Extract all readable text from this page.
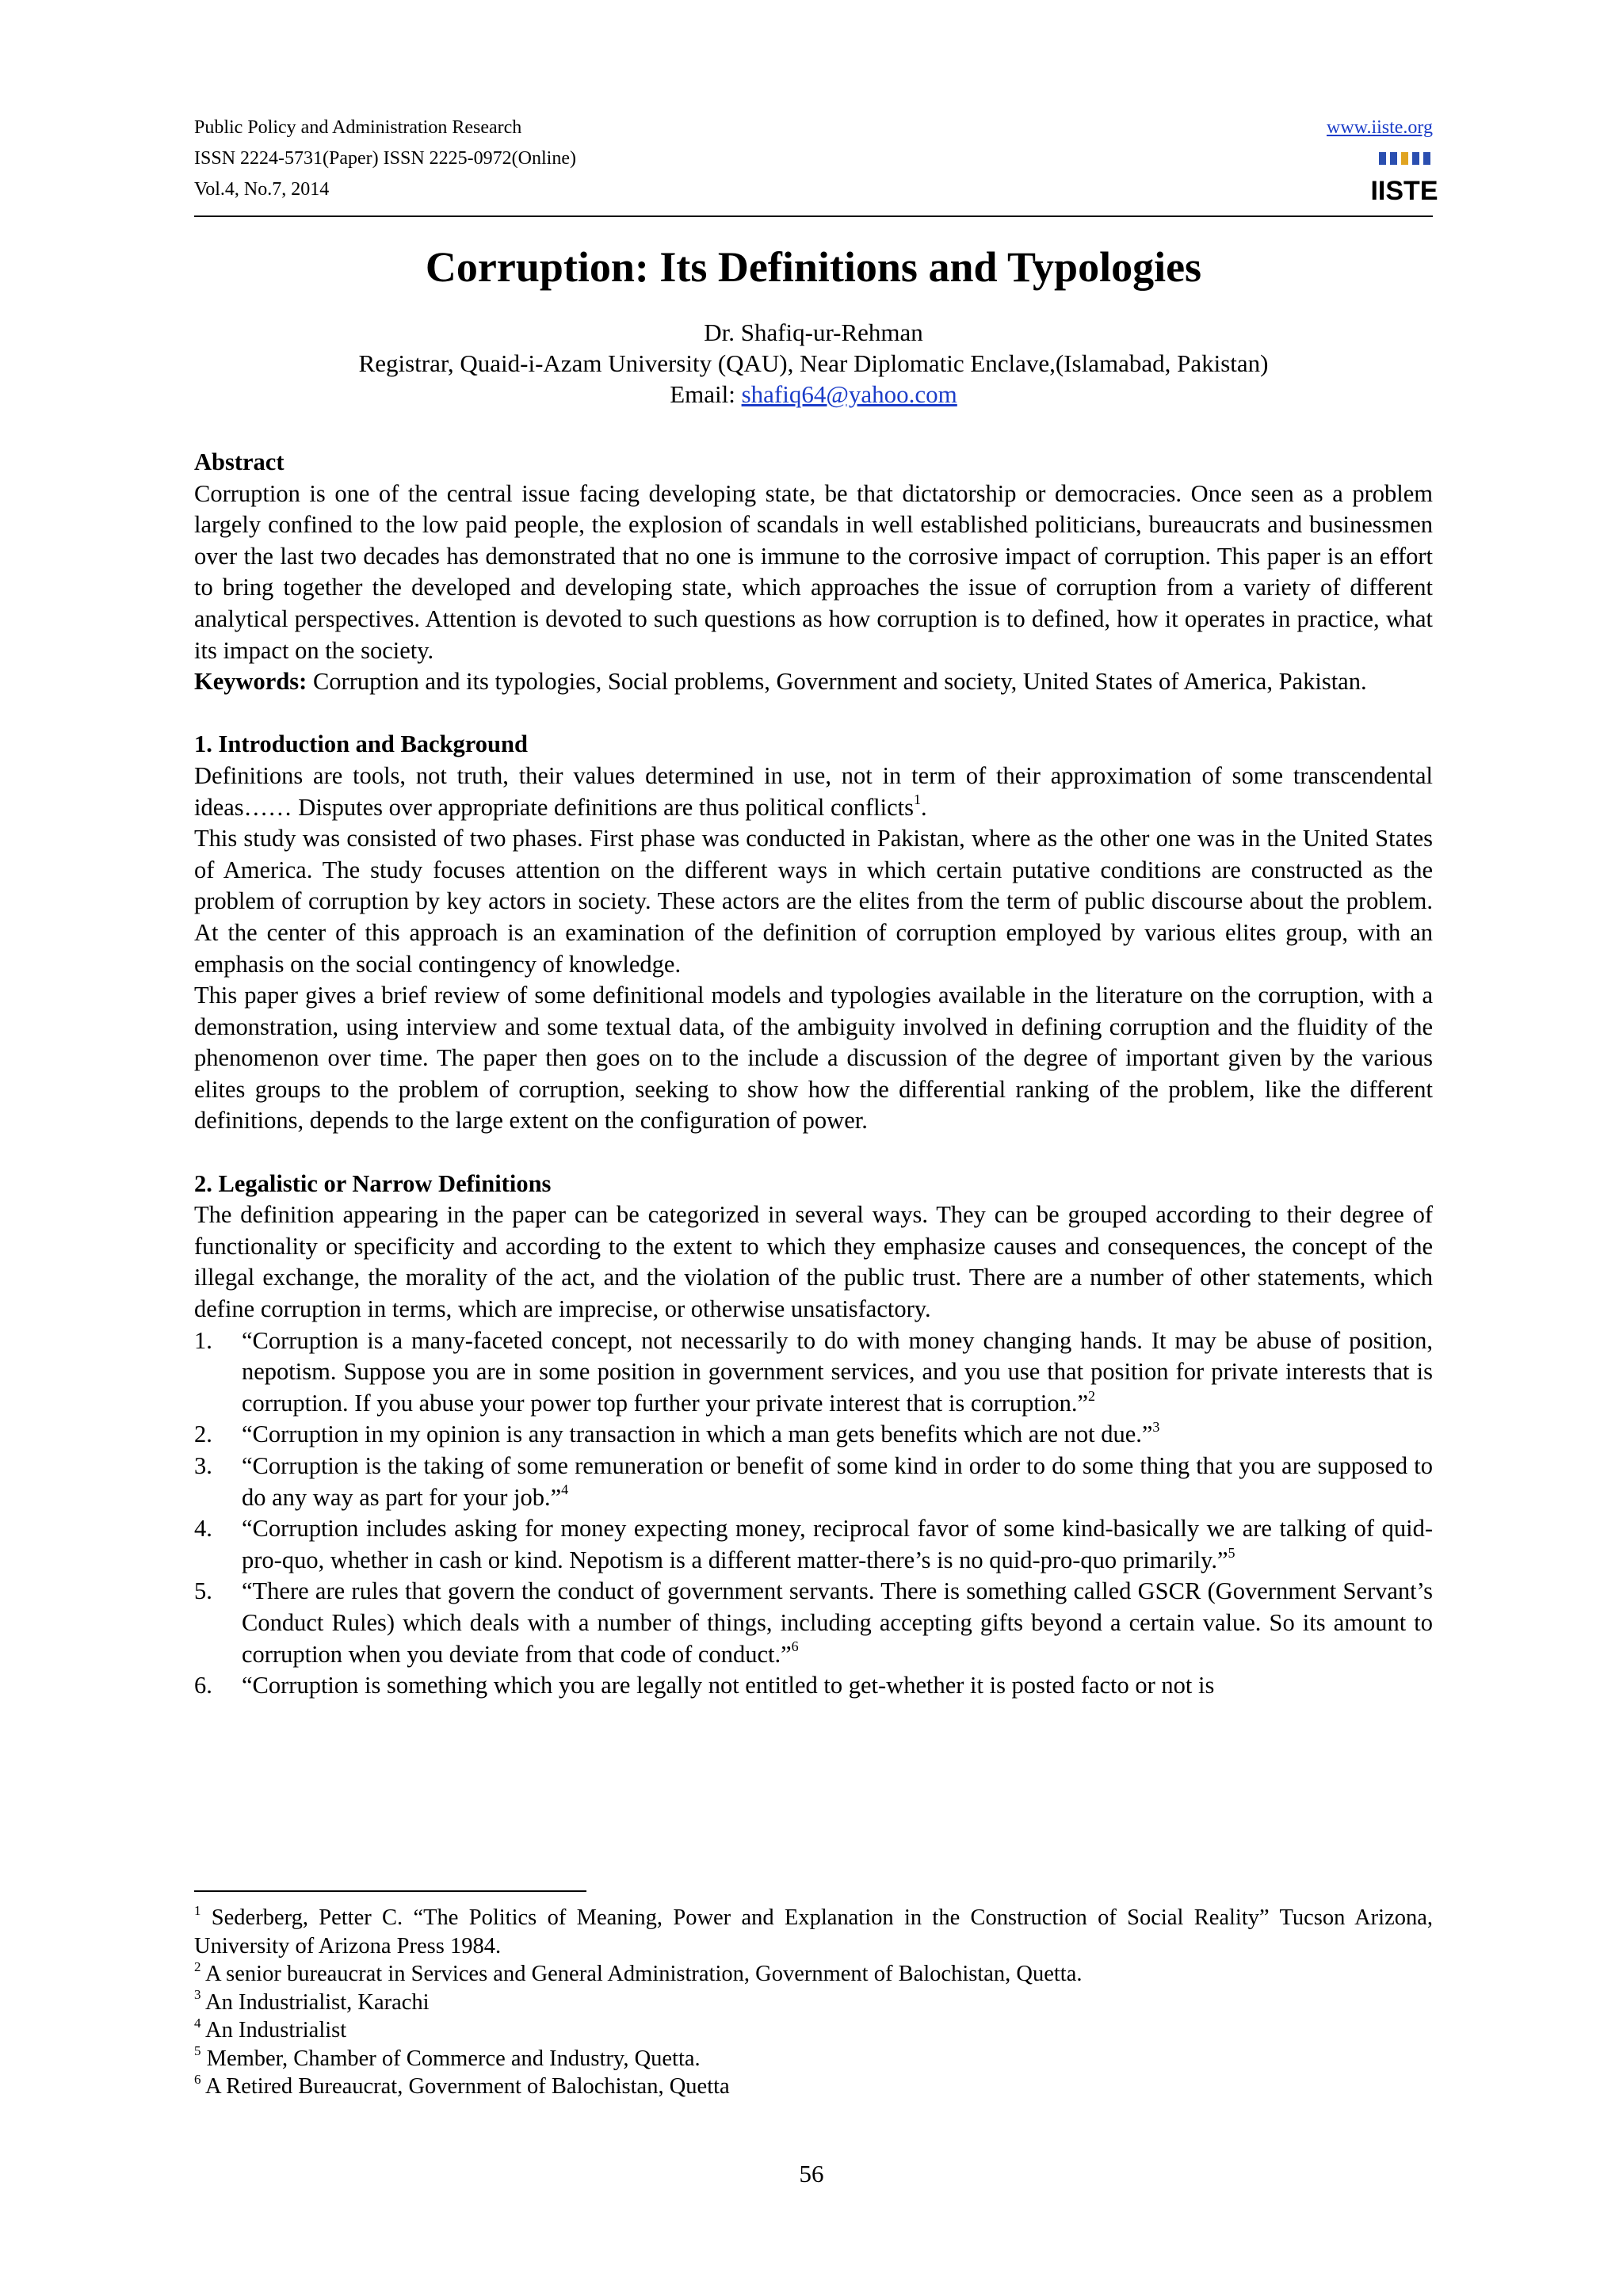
Public Policy and Administration Research
ISSN 2224-5731(Paper) ISSN 2225-0972(Online)
Vol.4, No.7, 2014
www.iiste.org
IISTE
Corruption: Its Definitions and Typologies
Dr. Shafiq-ur-Rehman
Registrar, Quaid-i-Azam University (QAU), Near Diplomatic Enclave,(Islamabad, Pakistan)
Email: shafiq64@yahoo.com
Abstract

Corruption is one of the central issue facing developing state, be that dictatorship or democracies. Once seen as a problem largely confined to the low paid people, the explosion of scandals in well established politicians, bureaucrats and businessmen over the last two decades has demonstrated that no one is immune to the corrosive impact of corruption. This paper is an effort to bring together the developed and developing state, which approaches the issue of corruption from a variety of different analytical perspectives. Attention is devoted to such questions as how corruption is to defined, how it operates in practice, what its impact on the society.

Keywords: Corruption and its typologies, Social problems, Government and society, United States of America, Pakistan.

1. Introduction and Background

Definitions are tools, not truth, their values determined in use, not in term of their approximation of some transcendental ideas…… Disputes over appropriate definitions are thus political conflicts$^1$.

This study was consisted of two phases. First phase was conducted in Pakistan, where as the other one was in the United States of America. The study focuses attention on the different ways in which certain putative conditions are constructed as the problem of corruption by key actors in society. These actors are the elites from the term of public discourse about the problem. At the center of this approach is an examination of the definition of corruption employed by various elites group, with an emphasis on the social contingency of knowledge.

This paper gives a brief review of some definitional models and typologies available in the literature on the corruption, with a demonstration, using interview and some textual data, of the ambiguity involved in defining corruption and the fluidity of the phenomenon over time. The paper then goes on to the include a discussion of the degree of important given by the various elites groups to the problem of corruption, seeking to show how the differential ranking of the problem, like the different definitions, depends to the large extent on the configuration of power.

2. Legalistic or Narrow Definitions

The definition appearing in the paper can be categorized in several ways. They can be grouped according to their degree of functionality or specificity and according to the extent to which they emphasize causes and consequences, the concept of the illegal exchange, the morality of the act, and the violation of the public trust. There are a number of other statements, which define corruption in terms, which are imprecise, or otherwise unsatisfactory.

1. “Corruption is a many-faceted concept, not necessarily to do with money changing hands. It may be abuse of position, nepotism. Suppose you are in some position in government services, and you use that position for private interests that is corruption. If you abuse your power top further your private interest that is corruption.”$^2$
2. “Corruption in my opinion is any transaction in which a man gets benefits which are not due.”$^3$
3. “Corruption is the taking of some remuneration or benefit of some kind in order to do some thing that you are supposed to do any way as part for your job.”$^4$
4. “Corruption includes asking for money expecting money, reciprocal favor of some kind-basically we are talking of quid-pro-quo, whether in cash or kind. Nepotism is a different matter-there’s is no quid-pro-quo primarily.”$^5$
5. “There are rules that govern the conduct of government servants. There is something called GSCR (Government Servant’s Conduct Rules) which deals with a number of things, including accepting gifts beyond a certain value. So its amount to corruption when you deviate from that code of conduct.”$^6$
6. “Corruption is something which you are legally not entitled to get-whether it is posted facto or not is

$^1$ Sederberg, Petter C. “The Politics of Meaning, Power and Explanation in the Construction of Social Reality” Tucson Arizona, University of Arizona Press 1984.

$^2$ A senior bureaucrat in Services and General Administration, Government of Balochistan, Quetta.

$^3$ An Industrialist, Karachi

$^4$ An Industrialist

$^5$ Member, Chamber of Commerce and Industry, Quetta.

$^6$ A Retired Bureaucrat, Government of Balochistan, Quetta

56
